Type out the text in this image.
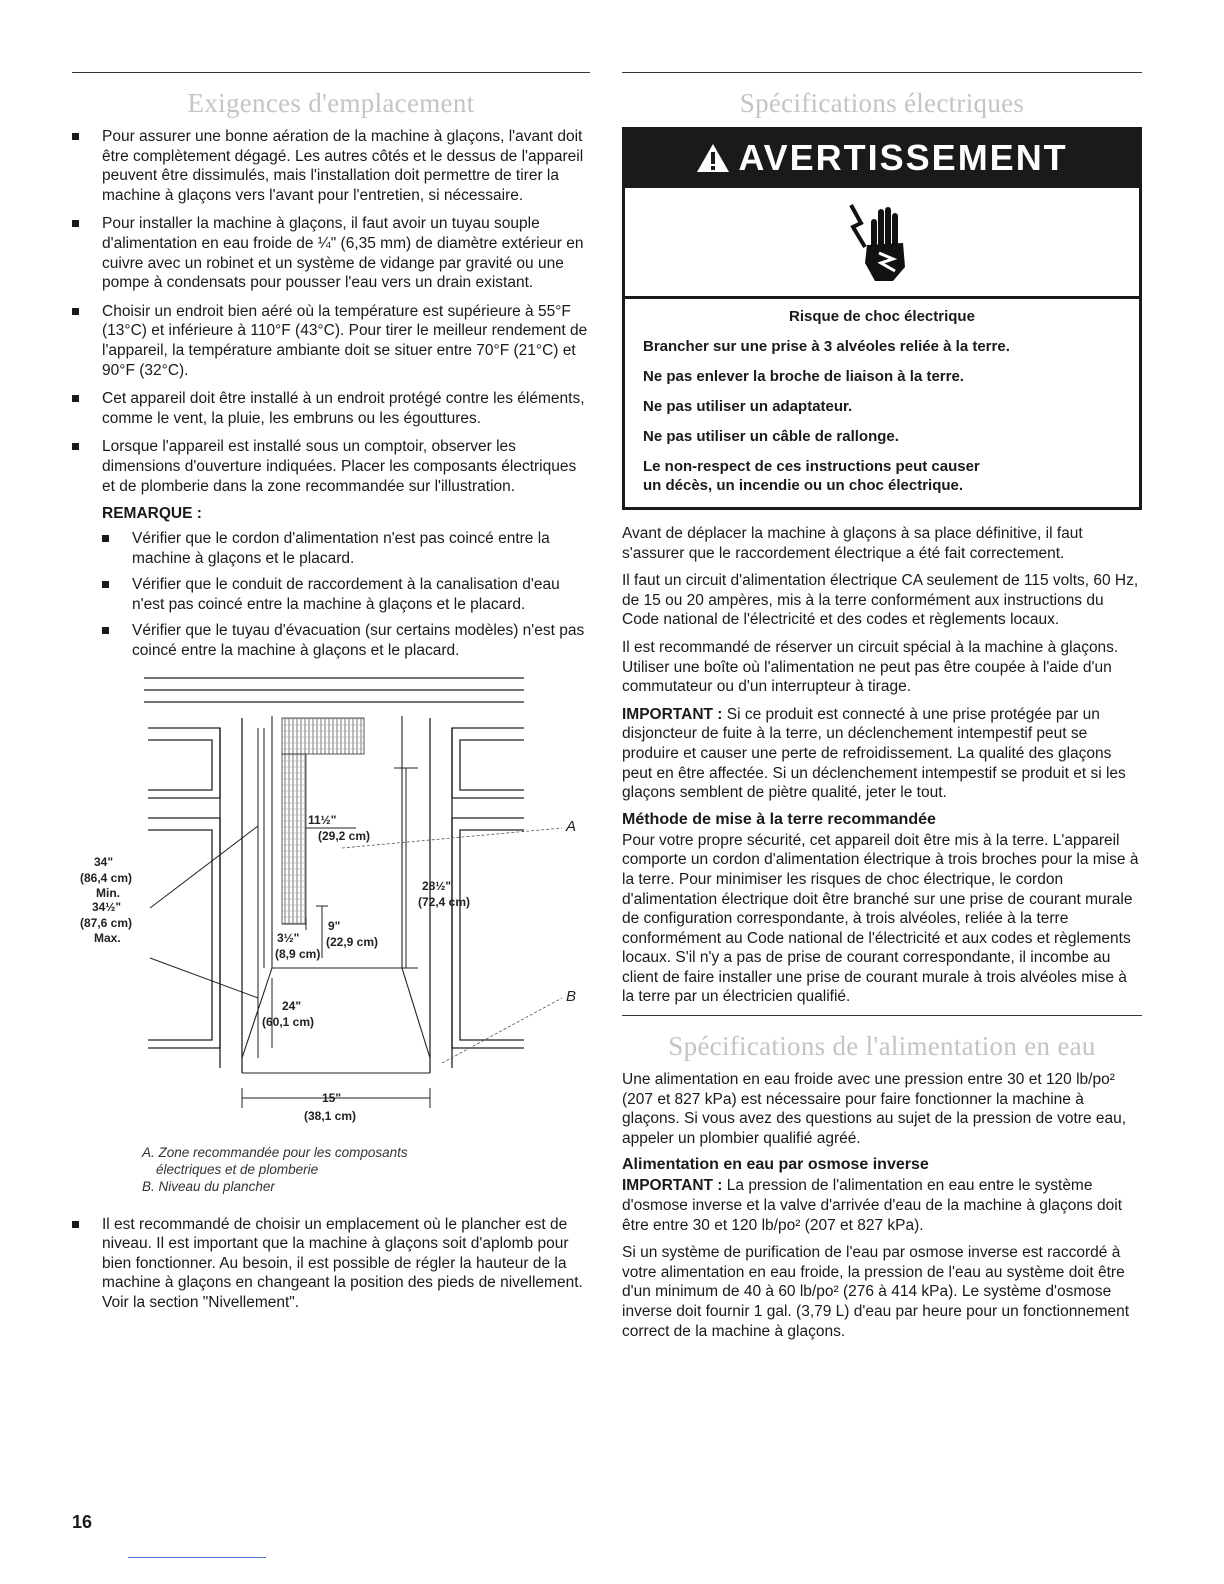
Exigences d'emplacement
Pour assurer une bonne aération de la machine à glaçons, l'avant doit être complètement dégagé. Les autres côtés et le dessus de l'appareil peuvent être dissimulés, mais l'installation doit permettre de tirer la machine à glaçons vers l'avant pour l'entretien, si nécessaire.
Pour installer la machine à glaçons, il faut avoir un tuyau souple d'alimentation en eau froide de ¼" (6,35 mm) de diamètre extérieur en cuivre avec un robinet et un système de vidange par gravité ou une pompe à condensats pour pousser l'eau vers un drain existant.
Choisir un endroit bien aéré où la température est supérieure à 55°F (13°C) et inférieure à 110°F (43°C). Pour tirer le meilleur rendement de l'appareil, la température ambiante doit se situer entre 70°F (21°C) et 90°F (32°C).
Cet appareil doit être installé à un endroit protégé contre les éléments, comme le vent, la pluie, les embruns ou les égouttures.
Lorsque l'appareil est installé sous un comptoir, observer les dimensions d'ouverture indiquées. Placer les composants électriques et de plomberie dans la zone recommandée sur l'illustration.
REMARQUE :
Vérifier que le cordon d'alimentation n'est pas coincé entre la machine à glaçons et le placard.
Vérifier que le conduit de raccordement à la canalisation d'eau n'est pas coincé entre la machine à glaçons et le placard.
Vérifier que le tuyau d'évacuation (sur certains modèles) n'est pas coincé entre la machine à glaçons et le placard.
34"
(86,4 cm)
Min.
34½"
(87,6 cm)
Max.
11½"
(29,2 cm)
28½"
(72,4 cm)
3½"
(8,9 cm)
9"
(22,9 cm)
24"
(60,1 cm)
15"
(38,1 cm)
A
B
A. Zone recommandée pour les composants
électriques et de plomberie
B. Niveau du plancher
Il est recommandé de choisir un emplacement où le plancher est de niveau. Il est important que la machine à glaçons soit d'aplomb pour bien fonctionner. Au besoin, il est possible de régler la hauteur de la machine à glaçons en changeant la position des pieds de nivellement. Voir la section "Nivellement".
Spécifications électriques
AVERTISSEMENT
Risque de choc électrique
Brancher sur une prise à 3 alvéoles reliée à la terre.
Ne pas enlever la broche de liaison à la terre.
Ne pas utiliser un adaptateur.
Ne pas utiliser un câble de rallonge.
Le non-respect de ces instructions peut causer
un décès, un incendie ou un choc électrique.

Avant de déplacer la machine à glaçons à sa place définitive, il faut s'assurer que le raccordement électrique a été fait correctement.

Il faut un circuit d'alimentation électrique CA seulement de 115 volts, 60 Hz, de 15 ou 20 ampères, mis à la terre conformément aux instructions du Code national de l'électricité et des codes et règlements locaux.

Il est recommandé de réserver un circuit spécial à la machine à glaçons. Utiliser une boîte où l'alimentation ne peut pas être coupée à l'aide d'un commutateur ou d'un interrupteur à tirage.

IMPORTANT : Si ce produit est connecté à une prise protégée par un disjoncteur de fuite à la terre, un déclenchement intempestif peut se produire et causer une perte de refroidissement. La qualité des glaçons peut en être affectée. Si un déclenchement intempestif se produit et si les glaçons semblent de piètre qualité, jeter le tout.

Méthode de mise à la terre recommandée

Pour votre propre sécurité, cet appareil doit être mis à la terre. L'appareil comporte un cordon d'alimentation électrique à trois broches pour la mise à la terre. Pour minimiser les risques de choc électrique, le cordon d'alimentation électrique doit être branché sur une prise de courant murale de configuration correspondante, à trois alvéoles, reliée à la terre conformément au Code national de l'électricité et aux codes et règlements locaux. S'il n'y a pas de prise de courant correspondante, il incombe au client de faire installer une prise de courant murale à trois alvéoles mise à la terre par un électricien qualifié.

Spécifications de l'alimentation en eau

Une alimentation en eau froide avec une pression entre 30 et 120 lb/po² (207 et 827 kPa) est nécessaire pour faire fonctionner la machine à glaçons. Si vous avez des questions au sujet de la pression de votre eau, appeler un plombier qualifié agréé.

Alimentation en eau par osmose inverse

IMPORTANT : La pression de l'alimentation en eau entre le système d'osmose inverse et la valve d'arrivée d'eau de la machine à glaçons doit être entre 30 et 120 lb/po² (207 et 827 kPa).

Si un système de purification de l'eau par osmose inverse est raccordé à votre alimentation en eau froide, la pression de l'eau au système doit être d'un minimum de 40 à 60 lb/po² (276 à 414 kPa). Le système d'osmose inverse doit fournir 1 gal. (3,79 L) d'eau par heure pour un fonctionnement correct de la machine à glaçons.

16
